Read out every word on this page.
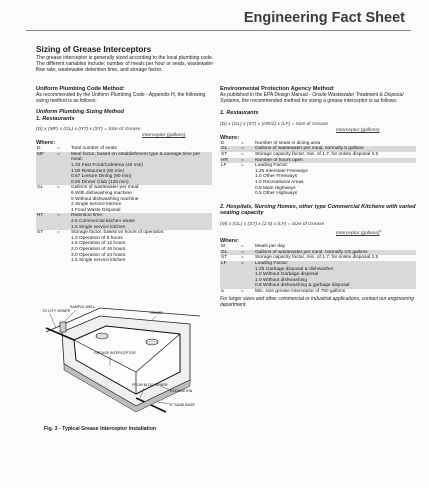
Engineering Fact Sheet
Sizing of Grease Interceptors
The grease interceptor is generally sized according to the local plumbing code. The different variables include; number of meals per hour or seats, wastewater flow rate, wastewater detention time, and storage factor.
Uniform Plumbing Code Method:
As recommended by the Uniform Plumbing Code - Appendix H, the following sizing method is as follows:
Uniform Plumbing Sizing Method
1. Restaurants
(D) x (MF) x (GL) x (RT) x (ST) = Size of Grease
Interceptor (gallons)
Where:
D	=	Total number of seats
MF	=	Meal factor, based on establishment type & average time per meal:
		1.33 Fast Food/Cafeteria (45 min)
		1.00 Restaurant (60 min)
		0.67 Leisure Dining (90 min)
		0.50 Dinner Club (120 min)
GL	=	Gallons of wastewater per meal:
		6 With dishwashing machine
		5 Without dishwashing machine
		2 Single service kitchen
		1 Food Waste Disposal
RT	=	Retention time:
		2.5 Commercial kitchen waste
		1.5 Single service kitchen
ST	=	Storage factor, based on hours of operation:
		1.0 Operation of 8 hours
		1.5 Operation of 12 hours
		2.0 Operation of 16 hours
		3.0 Operation of 24 hours
		1.5 Single service kitchen
Environmental Protection Agency Method:
As published in the EPA Design Manual - Onsite Wastewater Treatment & Disposal Systems, the recommended method for sizing a grease interceptor is as follows:
1. Restaurants
(D) x (GL) x (ST) x (HR/2) x (LF) = Size of Grease
Interceptor (gallons)
Where:
D	=	Number of seats in dining area
GL	=	Gallons of wastewater per meal, normally 5 gallons
ST	=	Storage capacity factor, min. of 1.7, for onsite disposal 2.5
HR	=	Number of hours open
LF	=	Loading Factor:
		1.25 Interstate Freeways
		1.0 Other Freeways
		1.0 Recreational Areas
		0.8 Main Highways
		0.5 Other Highways
2. Hospitals, Nursing Homes, other type Commercial Kitchens with varied seating capacity
(M) x (GL) x (ST) x (2.5) x (LF) = Size of Grease
Interceptor (gallons)$^b$
Where:
M	=	Meals per day
GL	=	Gallons of wastewater per meal, normally 4.5 gallons
ST	=	Storage capacity factor, min. of 1.7, for onsite disposal 2.5
LF	=	Loading Factor:
		1.25 Garbage disposal & dishwasher
		1.0 Without Garbage disposal
		1.0 Without dishwashing
		0.8 Without dishwashing & garbage disposal
a	=	Min. size grease interceptor of 750 gallons
For larger sizes and other commercial or industrial applications, contact our engineering department.
TO CITY SEWER
SAMPLE WELL
GRADE
GREASE INTERCEPTOR
FROM BLDG SEWER
EXCAVATION
6" SAND BASE
Fig. 3 - Typical Grease Interceptor Installation
